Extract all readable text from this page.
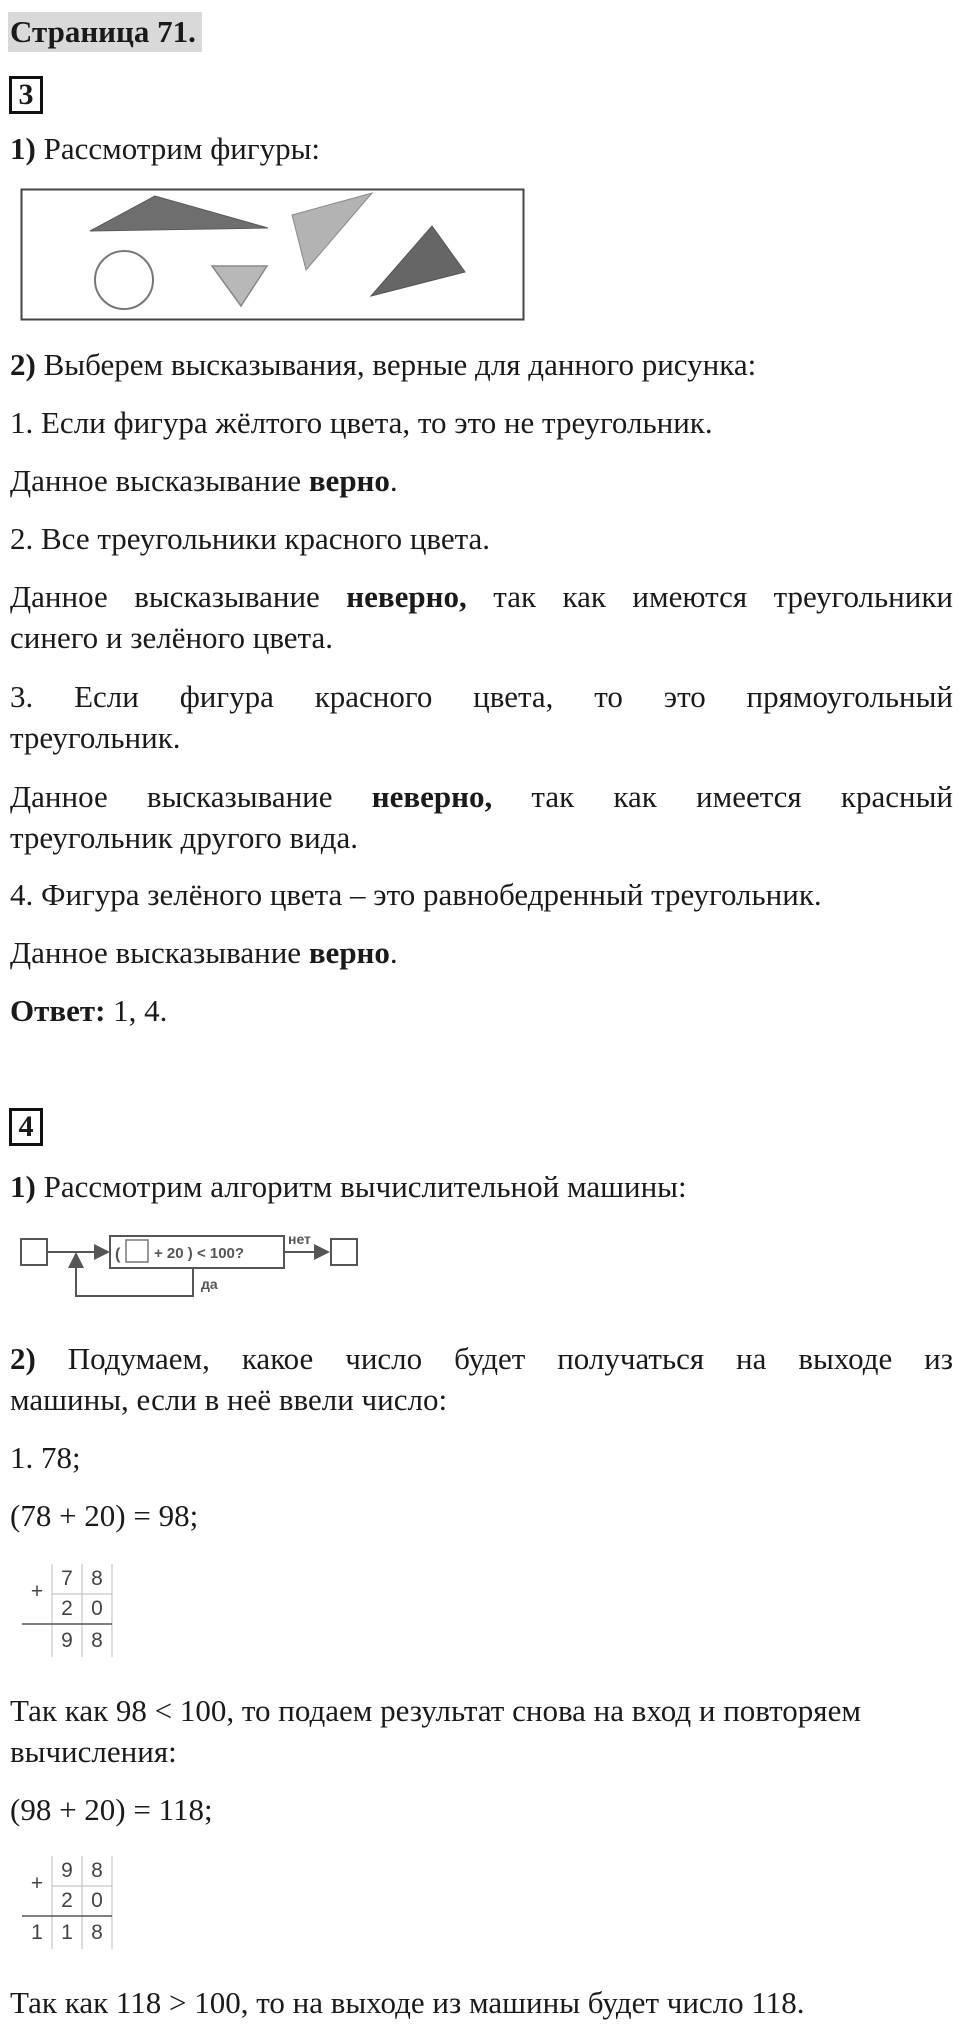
Страница 71.
3
1) Рассмотрим фигуры:
2) Выберем высказывания, верные для данного рисунка:
1. Если фигура жёлтого цвета, то это не треугольник.
Данное высказывание верно.
2. Все треугольники красного цвета.
Данное высказывание неверно, так как имеются треугольники
синего и зелёного цвета.
3. Если фигура красного цвета, то это прямоугольный
треугольник.
Данное высказывание неверно, так как имеется красный
треугольник другого вида.
4. Фигура зелёного цвета – это равнобедренный треугольник.
Данное высказывание верно.
Ответ: 1, 4.
4
1) Рассмотрим алгоритм вычислительной машины:
( + 20 ) < 100?
нет
да
2) Подумаем, какое число будет получаться на выходе из
машины, если в неё ввели число:
1. 78;
(78 + 20) = 98;
+
7 8
2 0
9 8
Так как 98 < 100, то подаем результат снова на вход и повторяем
вычисления:
(98 + 20) = 118;
+
9 8
2 0
1 1 8
Так как 118 > 100, то на выходе из машины будет число 118.
